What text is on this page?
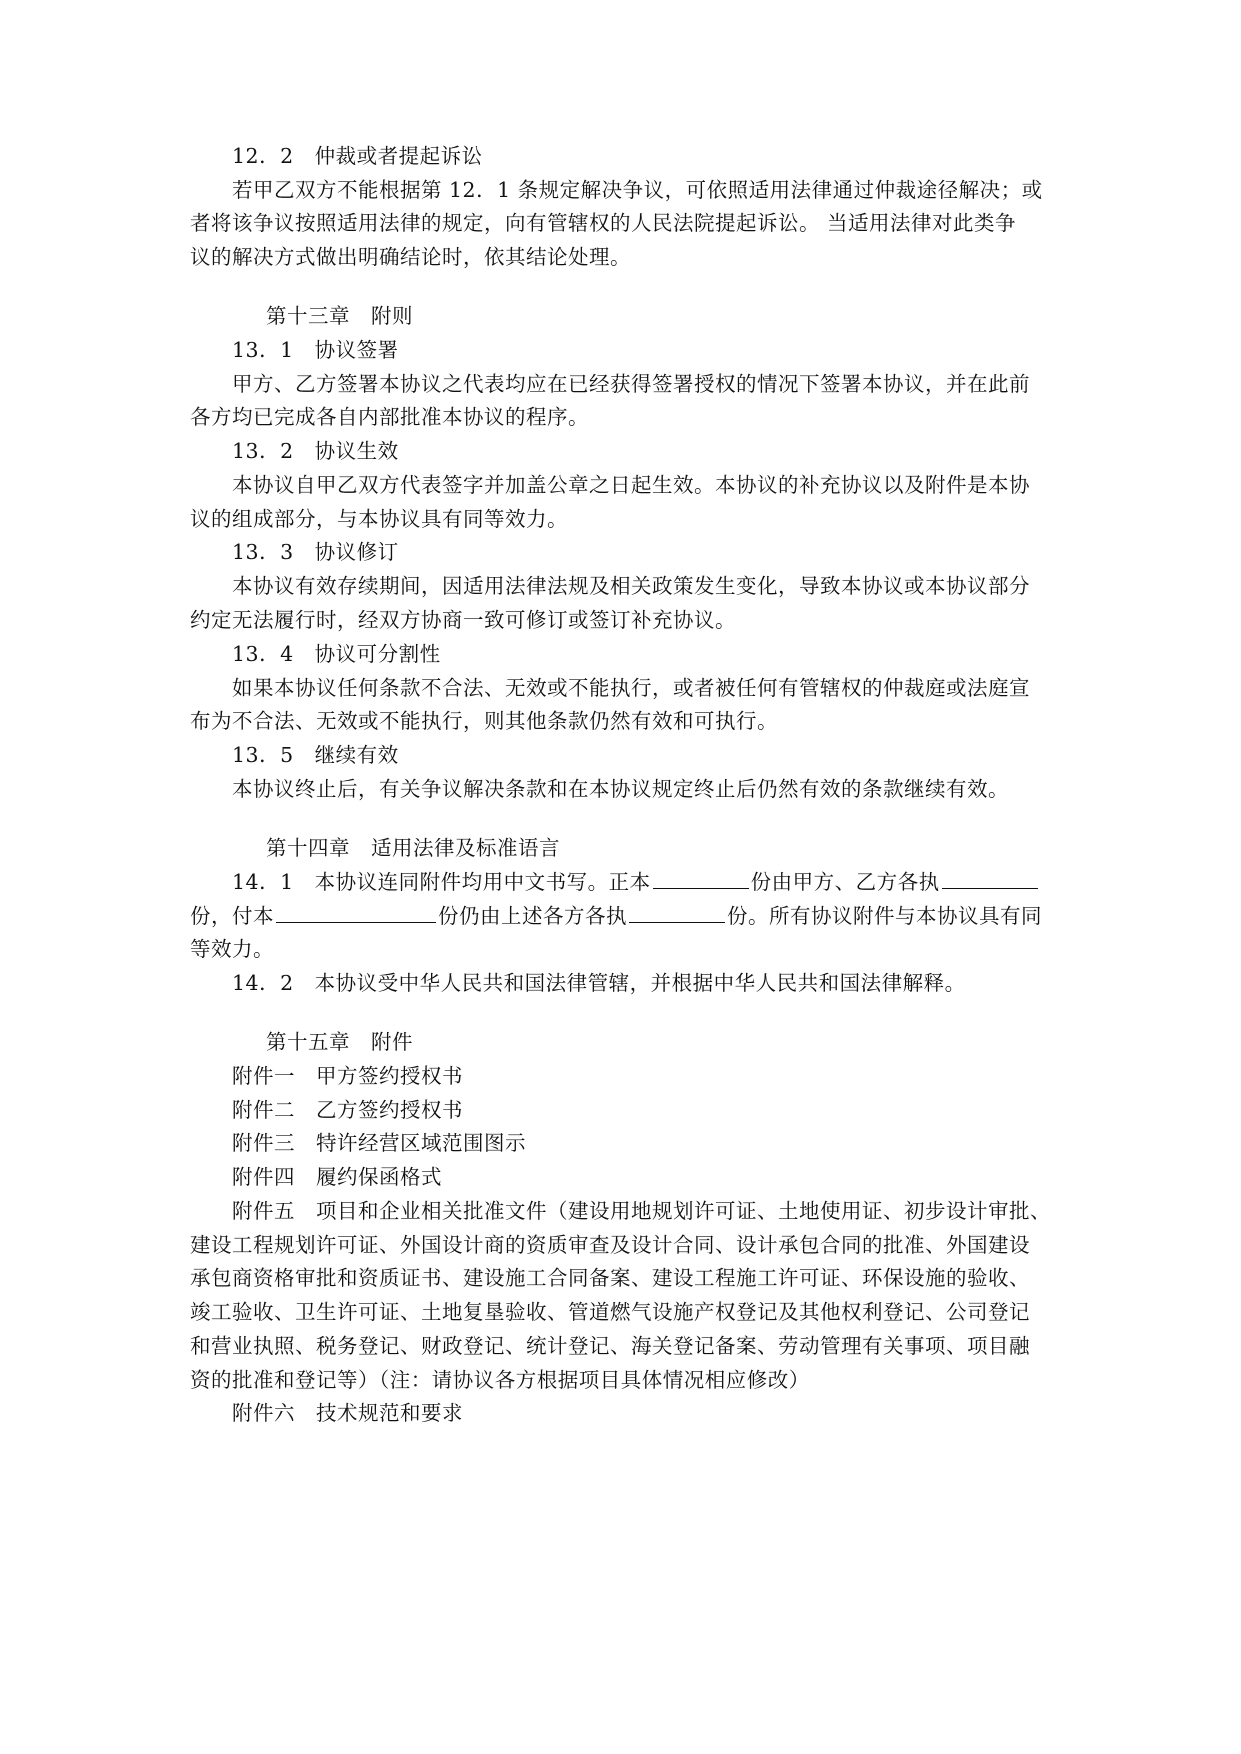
12．2　仲裁或者提起诉讼
若甲乙双方不能根据第 12．1 条规定解决争议，可依照适用法律通过仲裁途径解决；或
者将该争议按照适用法律的规定，向有管辖权的人民法院提起诉讼。 当适用法律对此类争
议的解决方式做出明确结论时，依其结论处理。
第十三章　附则
13．1　协议签署
甲方、乙方签署本协议之代表均应在已经获得签署授权的情况下签署本协议，并在此前
各方均已完成各自内部批准本协议的程序。
13．2　协议生效
本协议自甲乙双方代表签字并加盖公章之日起生效。本协议的补充协议以及附件是本协
议的组成部分，与本协议具有同等效力。
13．3　协议修订
本协议有效存续期间，因适用法律法规及相关政策发生变化，导致本协议或本协议部分
约定无法履行时，经双方协商一致可修订或签订补充协议。
13．4　协议可分割性
如果本协议任何条款不合法、无效或不能执行，或者被任何有管辖权的仲裁庭或法庭宣
布为不合法、无效或不能执行，则其他条款仍然有效和可执行。
13．5　继续有效
本协议终止后，有关争议解决条款和在本协议规定终止后仍然有效的条款继续有效。
第十四章　适用法律及标准语言
14．1　本协议连同附件均用中文书写。正本	份由甲方、乙方各执
份，付本	份仍由上述各方各执	份。所有协议附件与本协议具有同
等效力。
14．2　本协议受中华人民共和国法律管辖，并根据中华人民共和国法律解释。
第十五章　附件
附件一　甲方签约授权书
附件二　乙方签约授权书
附件三　特许经营区域范围图示
附件四　履约保函格式
附件五　项目和企业相关批准文件（建设用地规划许可证、土地使用证、初步设计审批、
建设工程规划许可证、外国设计商的资质审查及设计合同、设计承包合同的批准、外国建设
承包商资格审批和资质证书、建设施工合同备案、建设工程施工许可证、环保设施的验收、
竣工验收、卫生许可证、土地复垦验收、管道燃气设施产权登记及其他权利登记、公司登记
和营业执照、税务登记、财政登记、统计登记、海关登记备案、劳动管理有关事项、项目融
资的批准和登记等）（注：请协议各方根据项目具体情况相应修改）
附件六　技术规范和要求
